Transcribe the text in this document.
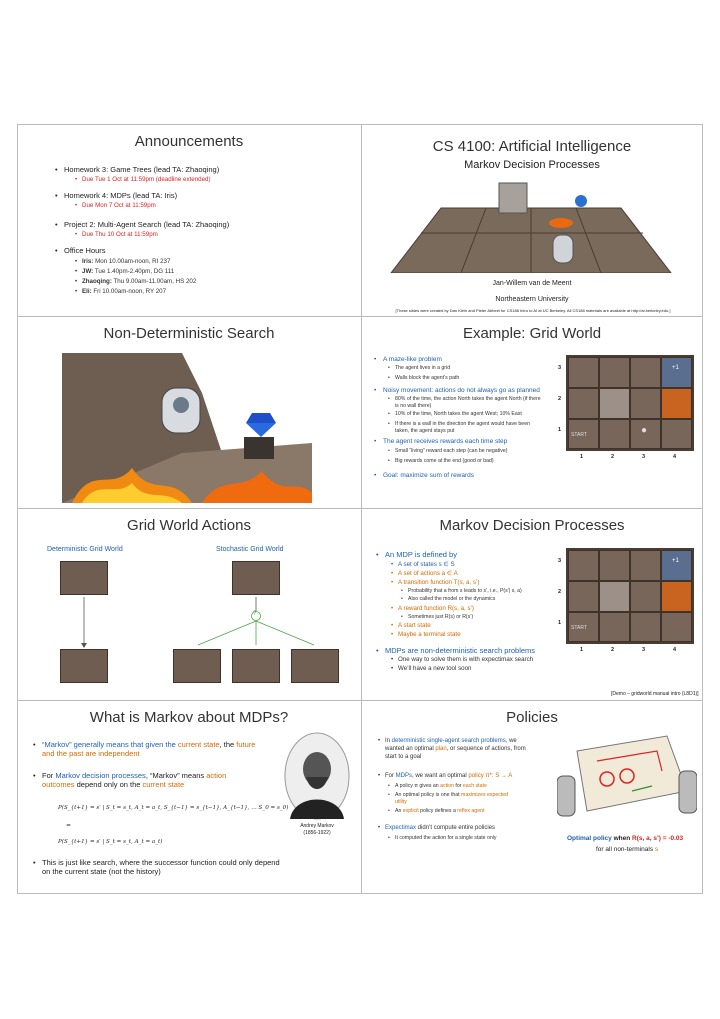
Announcements
• Homework 3: Game Trees (lead TA: Zhaoqing)
• Due Tue 1 Oct at 11:59pm (deadline extended)
• Homework 4: MDPs (lead TA: Iris)
• Due Mon 7 Oct at 11:59pm
• Project 2: Multi-Agent Search (lead TA: Zhaoqing)
• Due Thu 10 Oct at 11:59pm
• Office Hours
• Iris: Mon 10.00am-noon, RI 237
• JW: Tue 1.40pm-2.40pm, DG 111
• Zhaoqing: Thu 9.00am-11.00am, HS 202
• Eli: Fri 10.00am-noon, RY 207
CS 4100: Artificial Intelligence
Markov Decision Processes
Jan-Willem van de Meent
Northeastern University
[These slides were created by Dan Klein and Pieter Abbeel for CS188 Intro to AI at UC Berkeley. All CS188 materials are available at http://ai.berkeley.edu.]
Non-Deterministic Search	Example: Grid World
• A maze-like problem
• The agent lives in a grid
• Walls block the agent’s path
• Noisy movement: actions do not always go as planned
• 80% of the time, the action North takes the agent North (if there is no wall there)
• 10% of the time, North takes the agent West; 10% East
• If there is a wall in the direction the agent would have been taken, the agent stays put
• The agent receives rewards each time step
• Small “living” reward each step (can be negative)
• Big rewards come at the end (good or bad)
• Goal: maximize sum of rewards
START
+1
●
3
2
1
1	2	3	4
Grid World Actions
Deterministic Grid World	Stochastic Grid World
?
Markov Decision Processes
• An MDP is defined by
• A set of states s ∈ S
• A set of actions a ∈ A
• A transition function T(s, a, s’)
• Probability that a from s leads to s’, i.e., P(s’| s, a)
• Also called the model or the dynamics
• A reward function R(s, a, s’)
• Sometimes just R(s) or R(s’)
• A start state
• Maybe a terminal state
• MDPs are non-deterministic search problems
• One way to solve them is with expectimax search
• We’ll have a new tool soon
[Demo – gridworld manual intro (L8D1)]
START
+1
3
2
1
1	2	3	4
What is Markov about MDPs?
• “Markov” generally means that given the current state, the future and the past are independent
• For Markov decision processes, “Markov” means action outcomes depend only on the current state
P(S_{t+1} = s′ | S_t = s_t, A_t = a_t, S_{t−1} = s_{t−1}, A_{t−1}, … S_0 = s_0)
=
P(S_{t+1} = s′ | S_t = s_t, A_t = a_t)
• This is just like search, where the successor function could only depend on the current state (not the history)
Andrey Markov
(1856-1922)
Policies
• In deterministic single-agent search problems, we wanted an optimal plan, or sequence of actions, from start to a goal
• For MDPs, we want an optimal policy π*: S → A
• A policy π gives an action for each state
• An optimal policy is one that maximizes expected utility
• An explicit policy defines a reflex agent
• Expectimax didn’t compute entire policies
• It computed the action for a single state only	Optimal policy when R(s, a, s’) = -0.03
for all non-terminals s
